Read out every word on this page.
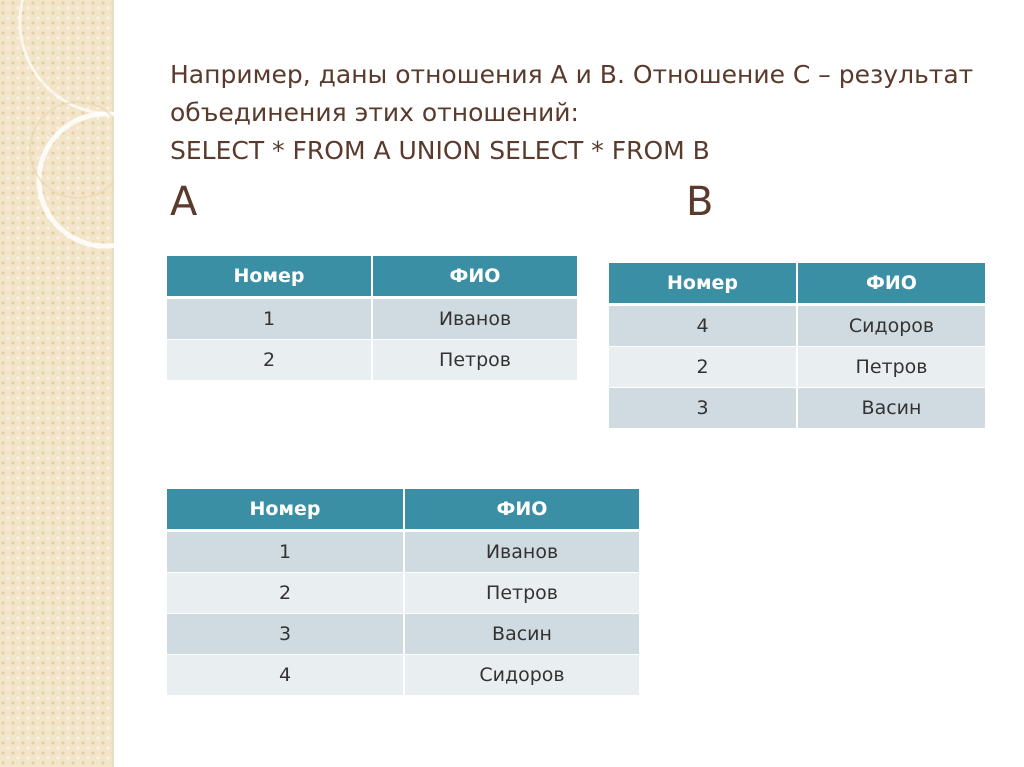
Например, даны отношения А и В. Отношение С – результат
объединения этих отношений:
SELECT * FROM A UNION SELECT * FROM B
A	B
Номер	ФИО
1	Иванов
2	Петров
Номер	ФИО
4	Сидоров
2	Петров
3	Васин
Номер	ФИО
1	Иванов
2	Петров
3	Васин
4	Сидоров
